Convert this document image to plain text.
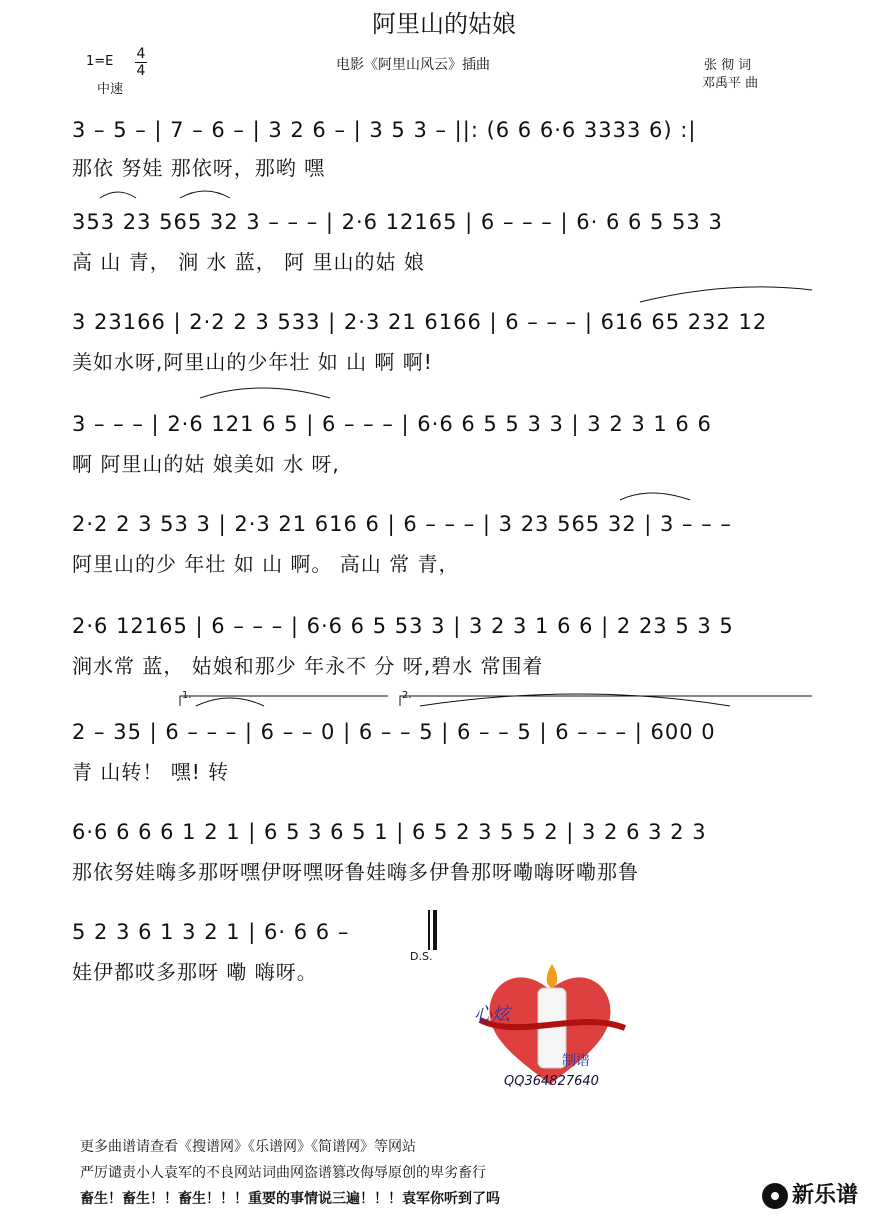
阿里山的姑娘
1=E 4
4
中速
电影《阿里山风云》插曲	张 彻 词
邓禹平 曲
3 – 5 – | 7 – 6 – | 3 2 6 – | 3 5 3 – ||: (6 6 6·6 3333 6) :|
那依 努娃 那依呀，那哟 嘿
353 23 565 32 3 – – – | 2·6 12165 | 6 – – – | 6· 6 6 5 53 3
高 山 青， 涧 水 蓝， 阿 里山的姑 娘
3 23166 | 2·2 2 3 533 | 2·3 21 6166 | 6 – – – | 616 65 232 12
美如水呀,阿里山的少年壮 如 山 啊 啊!
3 – – – | 2·6 121 6 5 | 6 – – – | 6·6 6 5 5 3 3 | 3 2 3 1 6 6
啊 阿里山的姑 娘美如 水 呀,
2·2 2 3 53 3 | 2·3 21 616 6 | 6 – – – | 3 23 565 32 | 3 – – –
阿里山的少 年壮 如 山 啊。 高山 常 青，
2·6 12165 | 6 – – – | 6·6 6 5 53 3 | 3 2 3 1 6 6 | 2 23 5 3 5
涧水常 蓝， 姑娘和那少 年永不 分 呀,碧水 常围着
1.	2.
2 – 35 | 6 – – – | 6 – – 0 | 6 – – 5 | 6 – – 5 | 6 – – – | 600 0
青 山转！ 嘿! 转
6·6 6 6 6 1 2 1 | 6 5 3 6 5 1 | 6 5 2 3 5 5 2 | 3 2 6 3 2 3
那依努娃嗨多那呀嘿伊呀嘿呀鲁娃嗨多伊鲁那呀嘞嗨呀嘞那鲁
5 2 3 6 1 3 2 1 | 6· 6 6 –
娃伊都哎多那呀 嘞 嗨呀。
D.S.
心炫
制谱
QQ364827640
更多曲谱请查看《搜谱网》《乐谱网》《简谱网》等网站
严厉谴责小人袁军的不良网站词曲网盗谱篡改侮辱原创的卑劣畜行
畜生！畜生！！畜生！！！重要的事情说三遍！！！袁军你听到了吗	新乐谱
